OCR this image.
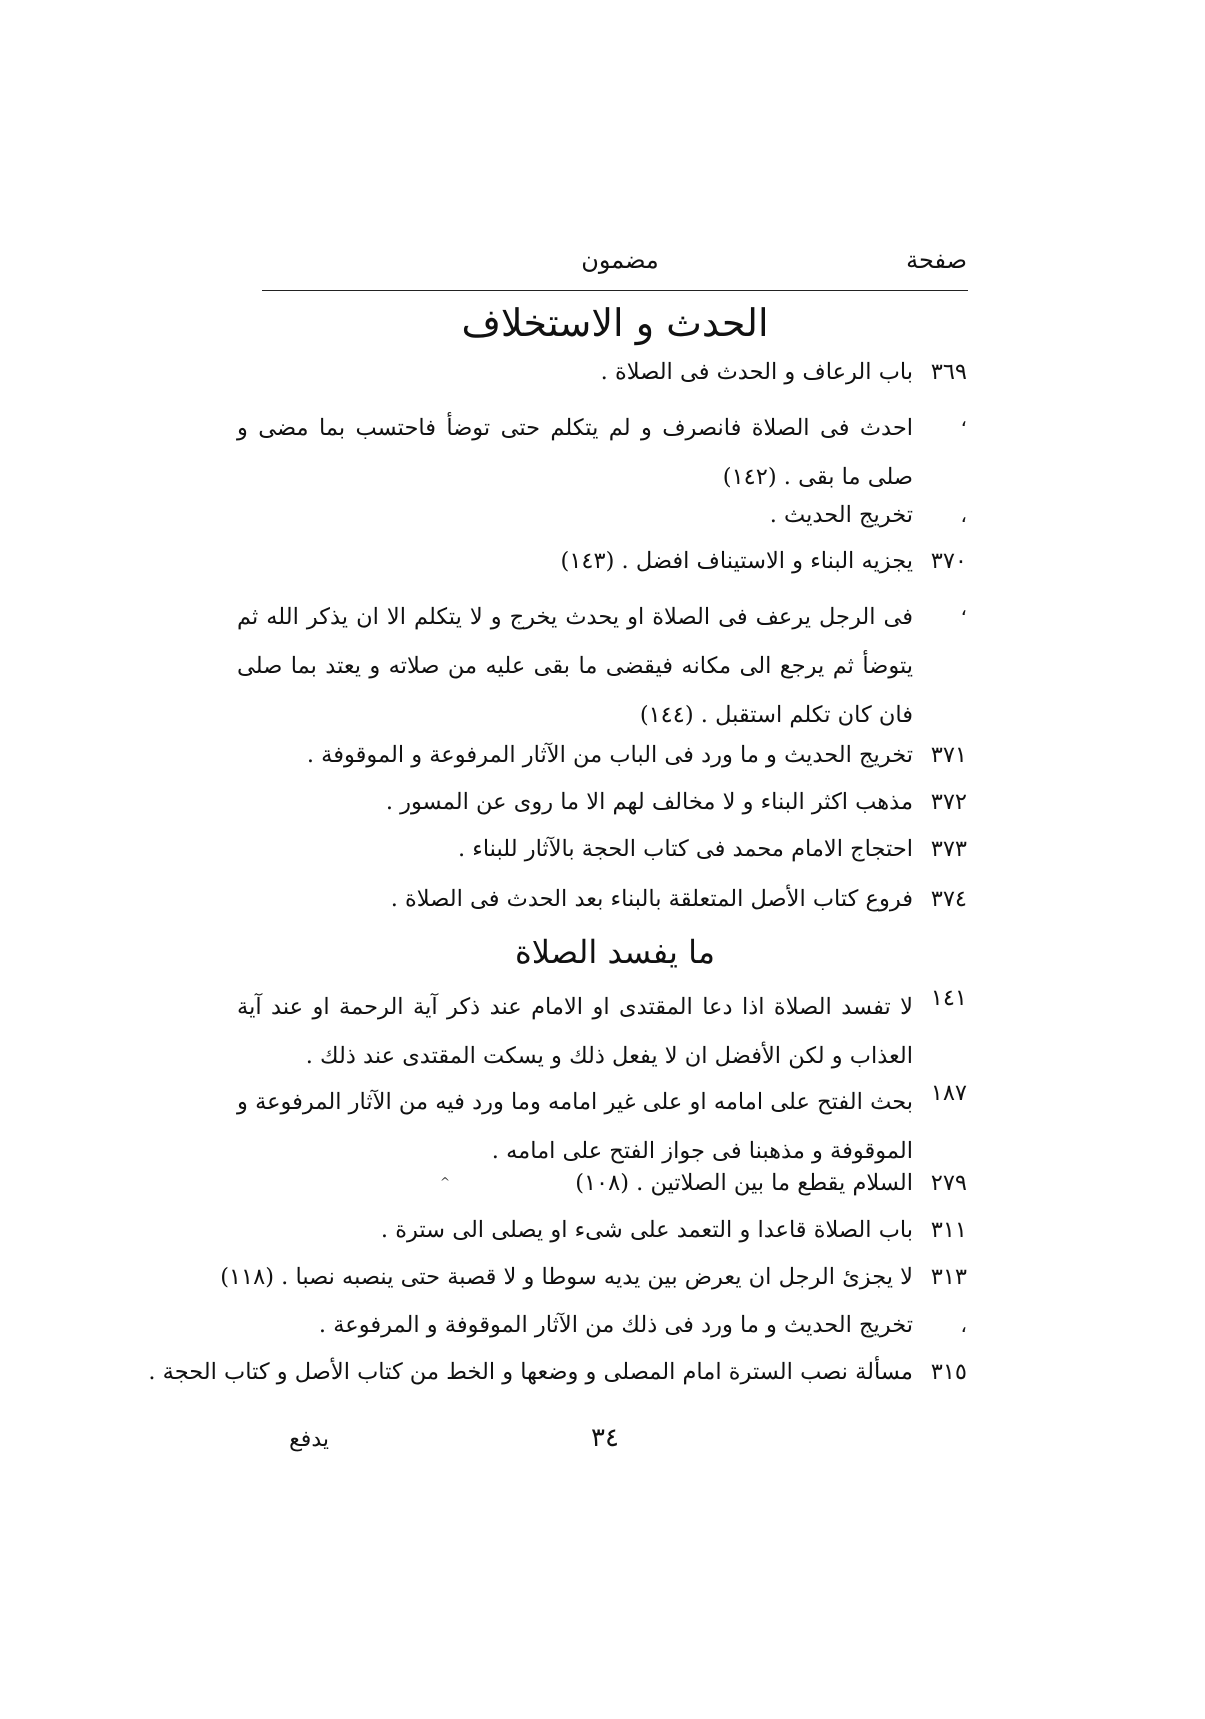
صفحة
مضمون
الحدث و الاستخلاف
٣٦٩
باب الرعاف و الحدث فى الصلاة .
،
احدث فى الصلاة فانصرف و لم يتكلم حتى توضأ فاحتسب بما مضى و صلى ما بقى . (١٤٢)
،
تخريج الحديث .
٣٧٠
يجزيه البناء و الاستيناف افضل . (١٤٣)
،
فى الرجل يرعف فى الصلاة او يحدث يخرج و لا يتكلم الا ان يذكر الله ثم يتوضأ ثم يرجع الى مكانه فيقضى ما بقى عليه من صلاته و يعتد بما صلى فان كان تكلم استقبل . (١٤٤)
٣٧١
تخريج الحديث و ما ورد فى الباب من الآثار المرفوعة و الموقوفة .
٣٧٢
مذهب اكثر البناء و لا مخالف لهم الا ما روى عن المسور .
٣٧٣
احتجاج الامام محمد فى كتاب الحجة بالآثار للبناء .
٣٧٤
فروع كتاب الأصل المتعلقة بالبناء بعد الحدث فى الصلاة .
ما يفسد الصلاة
١٤١
لا تفسد الصلاة اذا دعا المقتدى او الامام عند ذكر آية الرحمة او عند آية العذاب و لكن الأفضل ان لا يفعل ذلك و يسكت المقتدى عند ذلك .
١٨٧
بحث الفتح على امامه او على غير امامه وما ورد فيه من الآثار المرفوعة و الموقوفة و مذهبنا فى جواز الفتح على امامه .
٢٧٩
السلام يقطع ما بين الصلاتين . (١٠٨)
٣١١
باب الصلاة قاعدا و التعمد على شىء او يصلى الى سترة .
٣١٣
لا يجزئ الرجل ان يعرض بين يديه سوطا و لا قصبة حتى ينصبه نصبا . (١١٨)
،
تخريج الحديث و ما ورد فى ذلك من الآثار الموقوفة و المرفوعة .
٣١٥
مسألة نصب السترة امام المصلى و وضعها و الخط من كتاب الأصل و كتاب الحجة .
^
٣٤
يدفع
